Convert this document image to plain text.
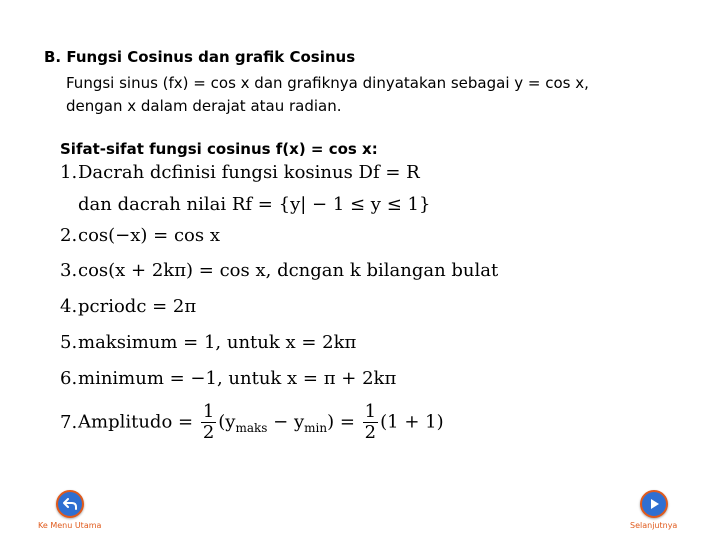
B. Fungsi Cosinus dan grafik Cosinus
Fungsi sinus (fx) = cos x dan grafiknya dinyatakan sebagai y = cos x,
dengan x dalam derajat atau radian.
Sifat-sifat fungsi cosinus f(x) = cos x:
1.Dacrah dcfinisi fungsi kosinus Df = R
dan dacrah nilai Rf = {y| − 1 ≤ y ≤ 1}
2.cos(−x) = cos x
3.cos(x + 2kπ) = cos x, dcngan k bilangan bulat
4.pcriodc = 2π
5.maksimum = 1, untuk x = 2kπ
6.minimum = −1, untuk x = π + 2kπ
7.Amplitudo = $\frac{1}{2} (y_{maks} - y_{min}) = \frac{1}{2} (1 + 1)$
Ke Menu Utama	Selanjutnya
